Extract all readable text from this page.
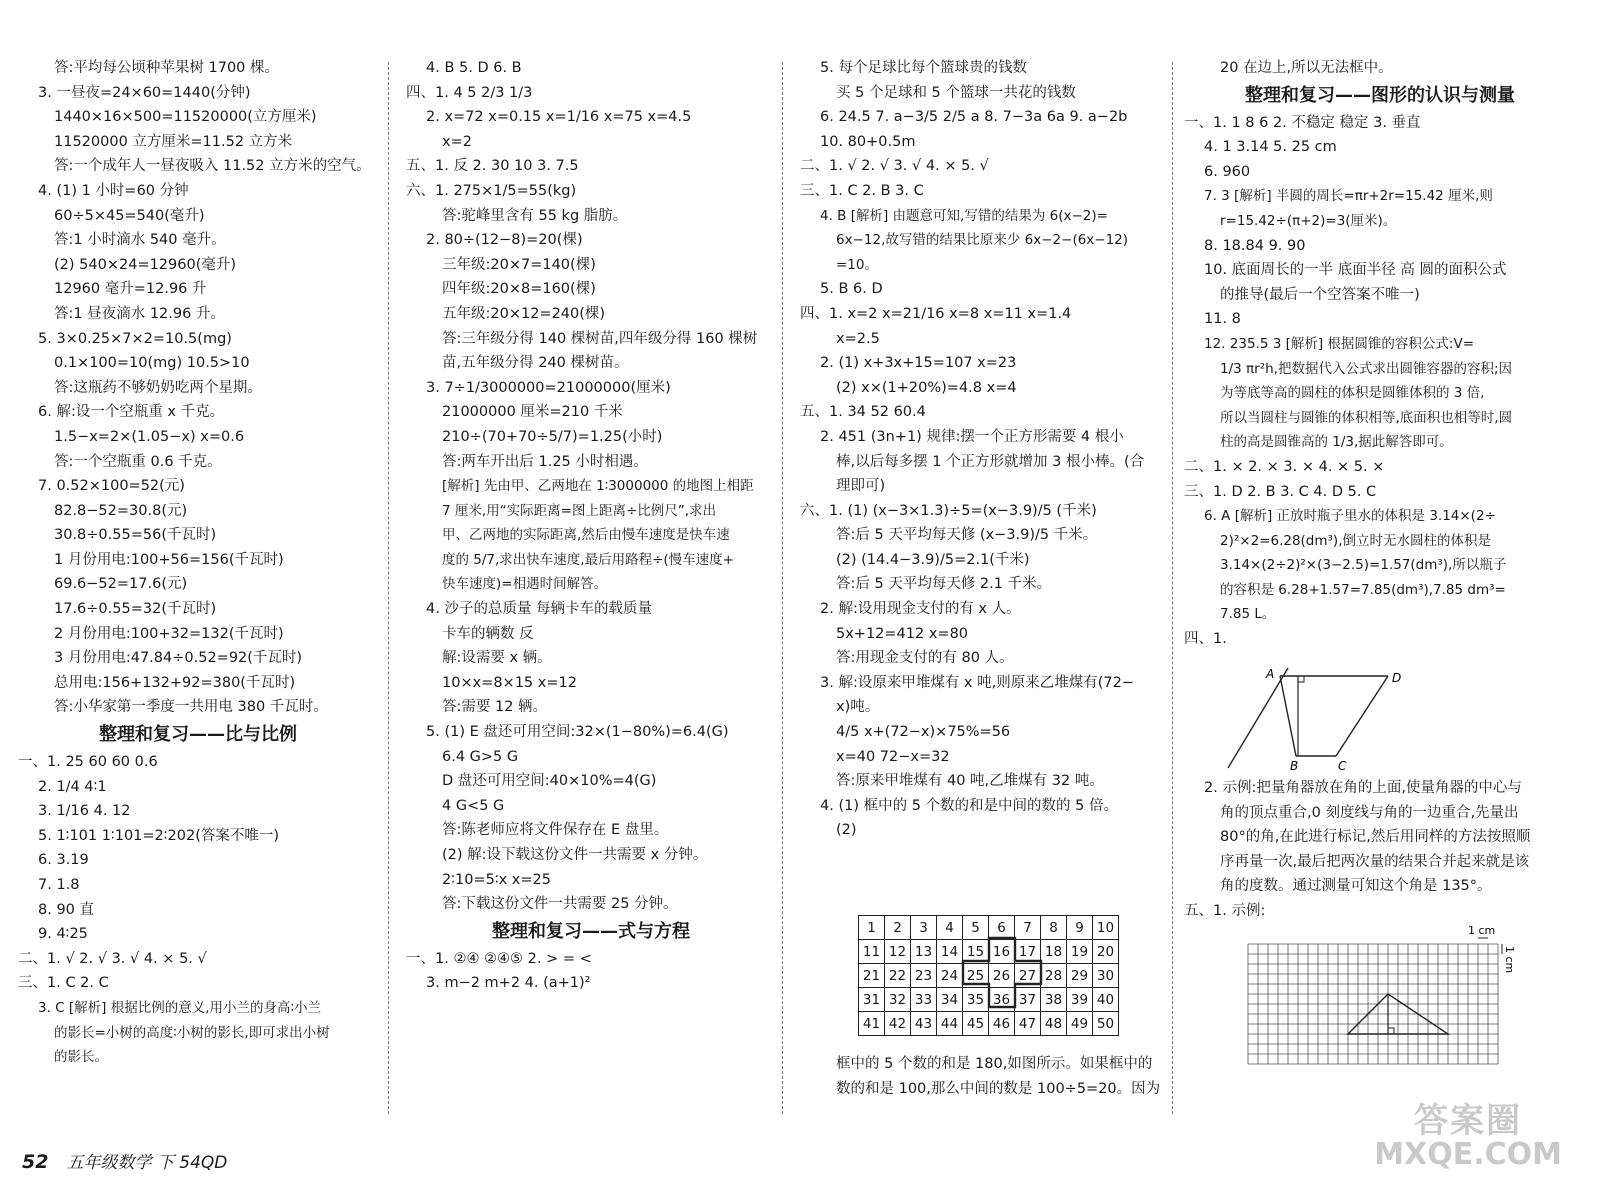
答:平均每公顷种苹果树 1700 棵。
3. 一昼夜=24×60=1440(分钟)
1440×16×500=11520000(立方厘米)
11520000 立方厘米=11.52 立方米
答:一个成年人一昼夜吸入 11.52 立方米的空气。
4. (1) 1 小时=60 分钟
60÷5×45=540(毫升)
答:1 小时滴水 540 毫升。
(2) 540×24=12960(毫升)
12960 毫升=12.96 升
答:1 昼夜滴水 12.96 升。
5. 3×0.25×7×2=10.5(mg)
0.1×100=10(mg) 10.5>10
答:这瓶药不够奶奶吃两个星期。
6. 解:设一个空瓶重 x 千克。
1.5−x=2×(1.05−x) x=0.6
答:一个空瓶重 0.6 千克。
7. 0.52×100=52(元)
82.8−52=30.8(元)
30.8÷0.55=56(千瓦时)
1 月份用电:100+56=156(千瓦时)
69.6−52=17.6(元)
17.6÷0.55=32(千瓦时)
2 月份用电:100+32=132(千瓦时)
3 月份用电:47.84÷0.52=92(千瓦时)
总用电:156+132+92=380(千瓦时)
答:小华家第一季度一共用电 380 千瓦时。
整理和复习——比与比例
一、1. 25 60 60 0.6
2. 1/4 4∶1
3. 1/16 4. 12
5. 1∶101 1∶101=2∶202(答案不唯一)
6. 3.19
7. 1.8
8. 90 直
9. 4∶25
二、1. √ 2. √ 3. √ 4. × 5. √
三、1. C 2. C
3. C [解析] 根据比例的意义,用小兰的身高∶小兰
的影长=小树的高度∶小树的影长,即可求出小树
的影长。
4. B 5. D 6. B
四、1. 4 5 2/3 1/3
2. x=72 x=0.15 x=1/16 x=75 x=4.5
x=2
五、1. 反 2. 30 10 3. 7.5
六、1. 275×1/5=55(kg)
答:驼峰里含有 55 kg 脂肪。
2. 80÷(12−8)=20(棵)
三年级:20×7=140(棵)
四年级:20×8=160(棵)
五年级:20×12=240(棵)
答:三年级分得 140 棵树苗,四年级分得 160 棵树
苗,五年级分得 240 棵树苗。
3. 7÷1/3000000=21000000(厘米)
21000000 厘米=210 千米
210÷(70+70÷5/7)=1.25(小时)
答:两车开出后 1.25 小时相遇。
[解析] 先由甲、乙两地在 1∶3000000 的地图上相距
7 厘米,用“实际距离=图上距离÷比例尺”,求出
甲、乙两地的实际距离,然后由慢车速度是快车速
度的 5/7,求出快车速度,最后用路程÷(慢车速度+
快车速度)=相遇时间解答。
4. 沙子的总质量 每辆卡车的载质量
卡车的辆数 反
解:设需要 x 辆。
10×x=8×15 x=12
答:需要 12 辆。
5. (1) E 盘还可用空间:32×(1−80%)=6.4(G)
6.4 G>5 G
D 盘还可用空间:40×10%=4(G)
4 G<5 G
答:陈老师应将文件保存在 E 盘里。
(2) 解:设下载这份文件一共需要 x 分钟。
2∶10=5∶x x=25
答:下载这份文件一共需要 25 分钟。
整理和复习——式与方程
一、1. ②④ ②④⑤ 2. > = <
3. m−2 m+2 4. (a+1)²
5. 每个足球比每个篮球贵的钱数
买 5 个足球和 5 个篮球一共花的钱数
6. 24.5 7. a−3/5 2/5 a 8. 7−3a 6a 9. a−2b
10. 80+0.5m
二、1. √ 2. √ 3. √ 4. × 5. √
三、1. C 2. B 3. C
4. B [解析] 由题意可知,写错的结果为 6(x−2)=
6x−12,故写错的结果比原来少 6x−2−(6x−12)
=10。
5. B 6. D
四、1. x=2 x=21/16 x=8 x=11 x=1.4
x=2.5
2. (1) x+3x+15=107 x=23
(2) x×(1+20%)=4.8 x=4
五、1. 34 52 60.4
2. 451 (3n+1) 规律:摆一个正方形需要 4 根小
棒,以后每多摆 1 个正方形就增加 3 根小棒。(合
理即可)
六、1. (1) (x−3×1.3)÷5=(x−3.9)/5 (千米)
答:后 5 天平均每天修 (x−3.9)/5 千米。
(2) (14.4−3.9)/5=2.1(千米)
答:后 5 天平均每天修 2.1 千米。
2. 解:设用现金支付的有 x 人。
5x+12=412 x=80
答:用现金支付的有 80 人。
3. 解:设原来甲堆煤有 x 吨,则原来乙堆煤有(72−
x)吨。
4/5 x+(72−x)×75%=56
x=40 72−x=32
答:原来甲堆煤有 40 吨,乙堆煤有 32 吨。
4. (1) 框中的 5 个数的和是中间的数的 5 倍。
(2)
20 在边上,所以无法框中。
整理和复习——图形的认识与测量
一、1. 1 8 6 2. 不稳定 稳定 3. 垂直
4. 1 3.14 5. 25 cm
6. 960
7. 3 [解析] 半圆的周长=πr+2r=15.42 厘米,则
r=15.42÷(π+2)=3(厘米)。
8. 18.84 9. 90
10. 底面周长的一半 底面半径 高 圆的面积公式
的推导(最后一个空答案不唯一)
11. 8
12. 235.5 3 [解析] 根据圆锥的容积公式:V=
1/3 πr²h,把数据代入公式求出圆锥容器的容积;因
为等底等高的圆柱的体积是圆锥体积的 3 倍,
所以当圆柱与圆锥的体积相等,底面积也相等时,圆
柱的高是圆锥高的 1/3,据此解答即可。
二、1. × 2. × 3. × 4. × 5. ×
三、1. D 2. B 3. C 4. D 5. C
6. A [解析] 正放时瓶子里水的体积是 3.14×(2÷
2)²×2=6.28(dm³),倒立时无水圆柱的体积是
3.14×(2÷2)²×(3−2.5)=1.57(dm³),所以瓶子
的容积是 6.28+1.57=7.85(dm³),7.85 dm³=
7.85 L。
四、1.
1	2	3	4	5	6	7	8	9	10
11	12	13	14	15	16	17	18	19	20
21	22	23	24	25	26	27	28	29	30
31	32	33	34	35	36	37	38	39	40
41	42	43	44	45	46	47	48	49	50
框中的 5 个数的和是 180,如图所示。如果框中的
数的和是 100,那么中间的数是 100÷5=20。因为
A	D
B	C
2. 示例:把量角器放在角的上面,使量角器的中心与
角的顶点重合,0 刻度线与角的一边重合,先量出
80°的角,在此进行标记,然后用同样的方法按照顺
序再量一次,最后把两次量的结果合并起来就是该
角的度数。通过测量可知这个角是 135°。
五、1. 示例:
1 cm
1 cm
52 五年级数学 下 54QD
答案圈
MXQE.COM
